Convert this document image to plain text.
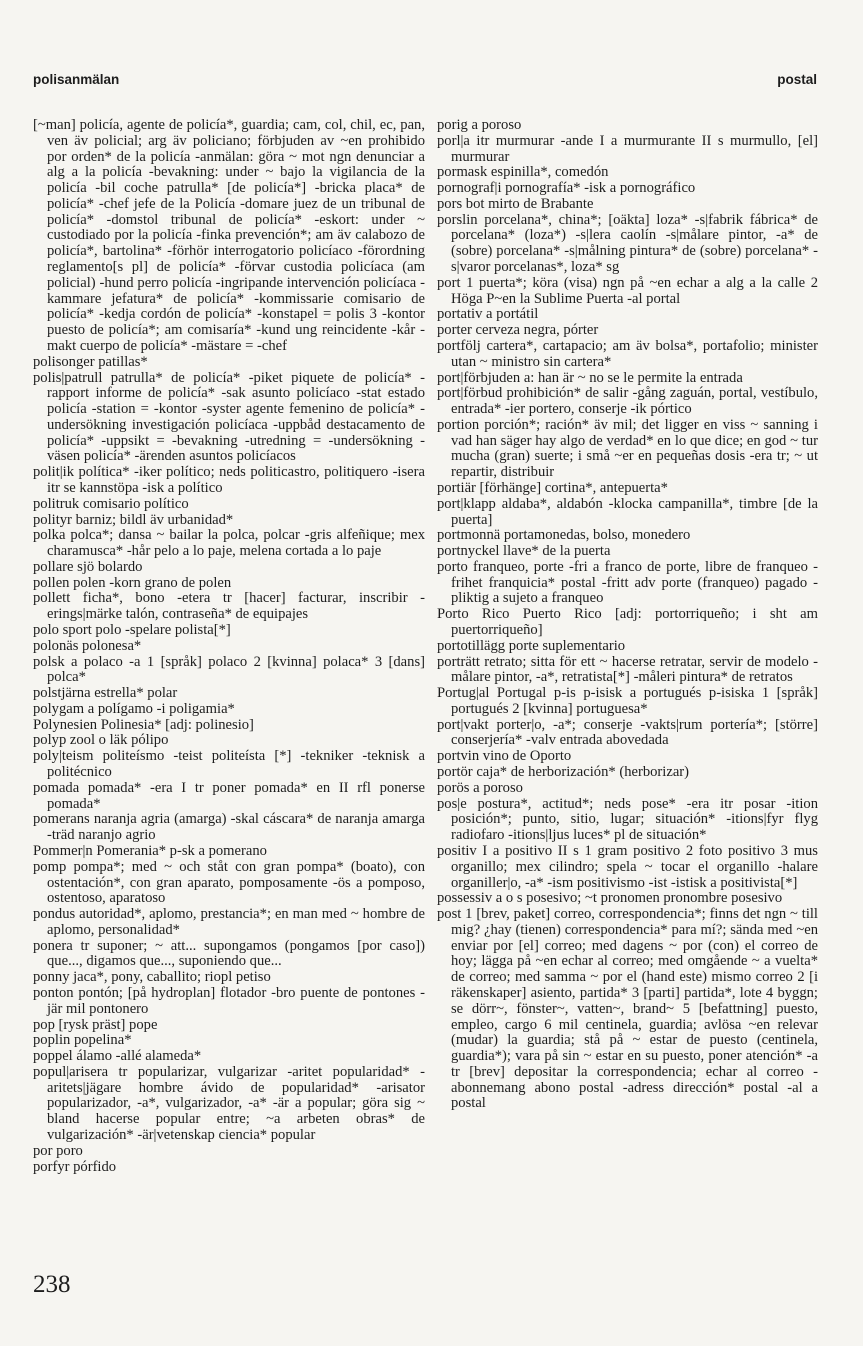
polisanmälan	postal

[~man] policía, agente de policía*, guardia; cam, col, chil, ec, pan, ven äv policial; arg äv policiano; förbjuden av ~en prohibido por orden* de la policía -anmälan: göra ~ mot ngn denunciar a alg a la policía -bevakning: under ~ bajo la vigilancia de la policía -bil coche patrulla* [de policía*] -bricka placa* de policía* -chef jefe de la Policía -domare juez de un tribunal de policía* -domstol tribunal de policía* -eskort: under ~ custodiado por la policía -finka prevención*; am äv calabozo de policía*, bartolina* -förhör interrogatorio policíaco -förordning reglamento[s pl] de policía* -förvar custodia policíaca (am policial) -hund perro policía -ingripande intervención policíaca -kammare jefatura* de policía* -kommissarie comisario de policía* -kedja cordón de policía* -konstapel = polis 3 -kontor puesto de policía*; am comisaría* -kund ung reincidente -kår -makt cuerpo de policía* -mästare = -chef

polisonger patillas*

polis|patrull patrulla* de policía* -piket piquete de policía* -rapport informe de policía* -sak asunto policíaco -stat estado policía -station = -kontor -syster agente femenino de policía* -undersökning investigación policíaca -uppbåd destacamento de policía* -uppsikt = -bevakning -utredning = -undersökning -väsen policía* -ärenden asuntos policíacos

polit|ik política* -iker político; neds politicastro, politiquero -isera itr se kannstöpa -isk a político

politruk comisario político

polityr barniz; bildl äv urbanidad*

polka polca*; dansa ~ bailar la polca, polcar -gris alfeñique; mex charamusca* -hår pelo a lo paje, melena cortada a lo paje

pollare sjö bolardo

pollen polen -korn grano de polen

pollett ficha*, bono -etera tr [hacer] facturar, inscribir -erings|märke talón, contraseña* de equipajes

polo sport polo -spelare polista[*]

polonäs polonesa*

polsk a polaco -a 1 [språk] polaco 2 [kvinna] polaca* 3 [dans] polca*

polstjärna estrella* polar

polygam a polígamo -i poligamia*

Polynesien Polinesia* [adj: polinesio]

polyp zool o läk pólipo

poly|teism politeísmo -teist politeísta [*] -tekniker -teknisk a politécnico

pomada pomada* -era I tr poner pomada* en II rfl ponerse pomada*

pomerans naranja agria (amarga) -skal cáscara* de naranja amarga -träd naranjo agrio

Pommer|n Pomerania* p-sk a pomerano

pomp pompa*; med ~ och ståt con gran pompa* (boato), con ostentación*, con gran aparato, pomposamente -ös a pomposo, ostentoso, aparatoso

pondus autoridad*, aplomo, prestancia*; en man med ~ hombre de aplomo, personalidad*

ponera tr suponer; ~ att... supongamos (pongamos [por caso]) que..., digamos que..., suponiendo que...

ponny jaca*, pony, caballito; riopl petiso

ponton pontón; [på hydroplan] flotador -bro puente de pontones -jär mil pontonero

pop [rysk präst] pope

poplin popelina*

poppel álamo -allé alameda*

popul|arisera tr popularizar, vulgarizar -aritet popularidad* -aritets|jägare hombre ávido de popularidad* -arisator popularizador, -a*, vulgarizador, -a* -är a popular; göra sig ~ bland hacerse popular entre; ~a arbeten obras* de vulgarización* -är|vetenskap ciencia* popular

por poro

porfyr pórfido

porig a poroso

porl|a itr murmurar -ande I a murmurante II s murmullo, [el] murmurar

pormask espinilla*, comedón

pornograf|i pornografía* -isk a pornográfico

pors bot mirto de Brabante

porslin porcelana*, china*; [oäkta] loza* -s|fabrik fábrica* de porcelana* (loza*) -s|lera caolín -s|målare pintor, -a* de (sobre) porcelana* -s|målning pintura* de (sobre) porcelana* -s|varor porcelanas*, loza* sg

port 1 puerta*; köra (visa) ngn på ~en echar a alg a la calle 2 Höga P~en la Sublime Puerta -al portal

portativ a portátil

porter cerveza negra, pórter

portfölj cartera*, cartapacio; am äv bolsa*, portafolio; minister utan ~ ministro sin cartera*

port|förbjuden a: han är ~ no se le permite la entrada

port|förbud prohibición* de salir -gång zaguán, portal, vestíbulo, entrada* -ier portero, conserje -ik pórtico

portion porción*; ración* äv mil; det ligger en viss ~ sanning i vad han säger hay algo de verdad* en lo que dice; en god ~ tur mucha (gran) suerte; i små ~er en pequeñas dosis -era tr; ~ ut repartir, distribuir

portiär [förhänge] cortina*, antepuerta*

port|klapp aldaba*, aldabón -klocka campanilla*, timbre [de la puerta]

portmonnä portamonedas, bolso, monedero

portnyckel llave* de la puerta

porto franqueo, porte -fri a franco de porte, libre de franqueo -frihet franquicia* postal -fritt adv porte (franqueo) pagado -pliktig a sujeto a franqueo

Porto Rico Puerto Rico [adj: portorriqueño; i sht am puertorriqueño]

portotillägg porte suplementario

porträtt retrato; sitta för ett ~ hacerse retratar, servir de modelo -målare pintor, -a*, retratista[*] -måleri pintura* de retratos

Portug|al Portugal p-is p-isisk a portugués p-isiska 1 [språk] portugués 2 [kvinna] portuguesa*

port|vakt porter|o, -a*; conserje -vakts|rum portería*; [större] conserjería* -valv entrada abovedada

portvin vino de Oporto

portör caja* de herborización* (herborizar)

porös a poroso

pos|e postura*, actitud*; neds pose* -era itr posar -ition posición*; punto, sitio, lugar; situación* -itions|fyr flyg radiofaro -itions|ljus luces* pl de situación*

positiv I a positivo II s 1 gram positivo 2 foto positivo 3 mus organillo; mex cilindro; spela ~ tocar el organillo -halare organiller|o, -a* -ism positivismo -ist -istisk a positivista[*]

possessiv a o s posesivo; ~t pronomen pronombre posesivo

post 1 [brev, paket] correo, correspondencia*; finns det ngn ~ till mig? ¿hay (tienen) correspondencia* para mí?; sända med ~en enviar por [el] correo; med dagens ~ por (con) el correo de hoy; lägga på ~en echar al correo; med omgående ~ a vuelta* de correo; med samma ~ por el (hand este) mismo correo 2 [i räkenskaper] asiento, partida* 3 [parti] partida*, lote 4 byggn; se dörr~, fönster~, vatten~, brand~ 5 [befattning] puesto, empleo, cargo 6 mil centinela, guardia; avlösa ~en relevar (mudar) la guardia; stå på ~ estar de puesto (centinela, guardia*); vara på sin ~ estar en su puesto, poner atención* -a tr [brev] depositar la correspondencia; echar al correo -abonnemang abono postal -adress dirección* postal -al a postal

238
